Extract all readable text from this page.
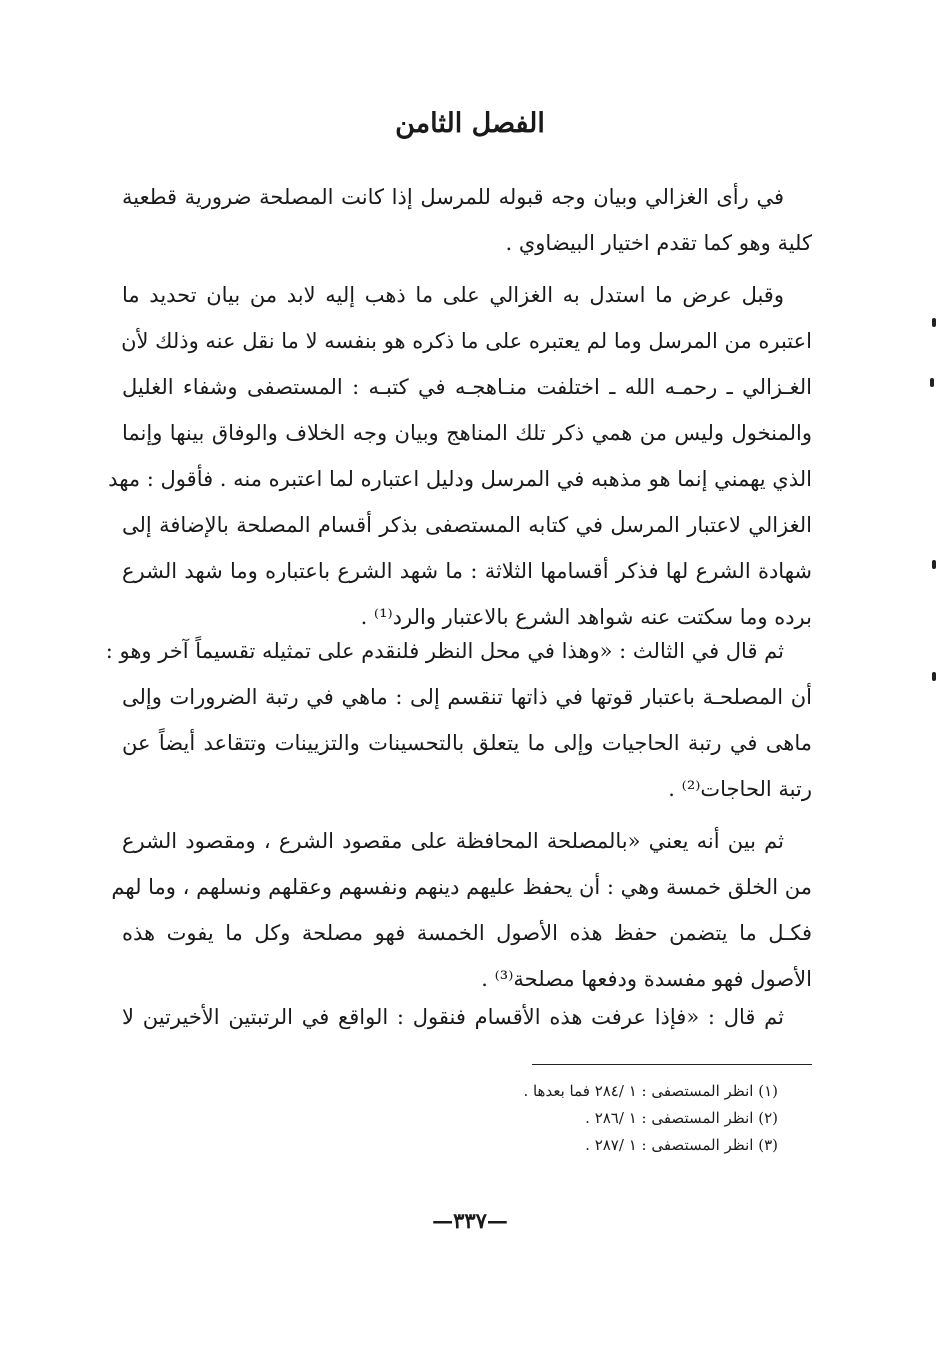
الفصل الثامن
في رأى الغزالي وبيان وجه قبوله للمرسل إذا كانت المصلحة ضرورية قطعية
كلية وهو كما تقدم اختيار البيضاوي .
وقبل عرض ما استدل به الغزالي على ما ذهب إليه لابد من بيان تحديد ما
اعتبره من المرسل وما لم يعتبره على ما ذكره هو بنفسه لا ما نقل عنه وذلك لأن
الغـزالي ـ رحمـه الله ـ اختلفت منـاهجـه في كتبـه : المستصفى وشفاء الغليل
والمنخول وليس من همي ذكر تلك المناهج وبيان وجه الخلاف والوفاق بينها وإنما
الذي يهمني إنما هو مذهبه في المرسل ودليل اعتباره لما اعتبره منه . فأقول : مهد
الغزالي لاعتبار المرسل في كتابه المستصفى بذكر أقسام المصلحة بالإضافة إلى
شهادة الشرع لها فذكر أقسامها الثلاثة : ما شهد الشرع باعتباره وما شهد الشرع
برده وما سكتت عنه شواهد الشرع بالاعتبار والرد⁽¹⁾ .
ثم قال في الثالث : «وهذا في محل النظر فلنقدم على تمثيله تقسيماً آخر وهو :
أن المصلحـة باعتبار قوتها في ذاتها تنقسم إلى : ماهي في رتبة الضرورات وإلى
ماهى في رتبة الحاجيات وإلى ما يتعلق بالتحسينات والتزيينات وتتقاعد أيضاً عن
رتبة الحاجات⁽²⁾ .
ثم بين أنه يعني «بالمصلحة المحافظة على مقصود الشرع ، ومقصود الشرع
من الخلق خمسة وهي : أن يحفظ عليهم دينهم ونفسهم وعقلهم ونسلهم ، وما لهم
فكـل ما يتضمن حفظ هذه الأصول الخمسة فهو مصلحة وكل ما يفوت هذه
الأصول فهو مفسدة ودفعها مصلحة⁽³⁾ .
ثم قال : «فإذا عرفت هذه الأقسام فنقول : الواقع في الرتبتين الأخيرتين لا
(١) انظر المستصفى : ١ /٢٨٤ فما بعدها .
(٢) انظر المستصفى : ١ /٢٨٦ .
(٣) انظر المستصفى : ١ /٢٨٧ .
—٣٣٧—
